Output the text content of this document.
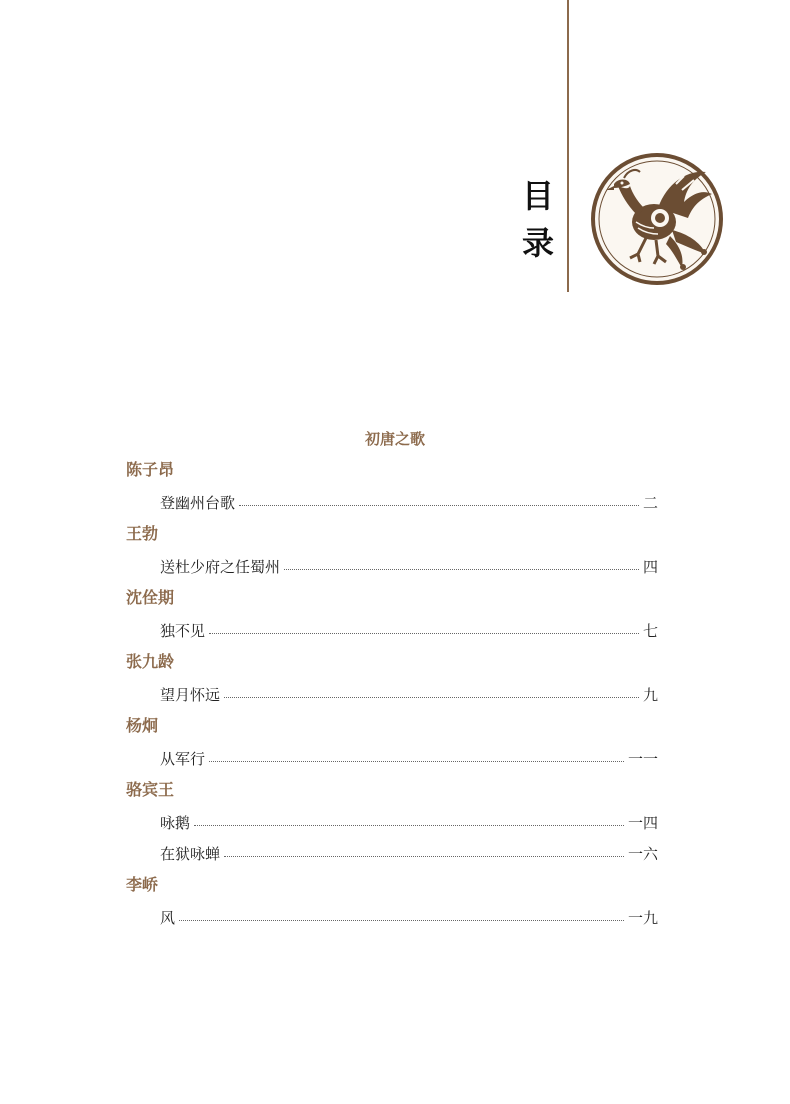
目
录
初唐之歌
陈子昂
登幽州台歌	二
王勃
送杜少府之任蜀州	四
沈佺期
独不见	七
张九龄
望月怀远	九
杨炯
从军行	一一
骆宾王
咏鹅	一四
在狱咏蝉	一六
李峤
风	一九
